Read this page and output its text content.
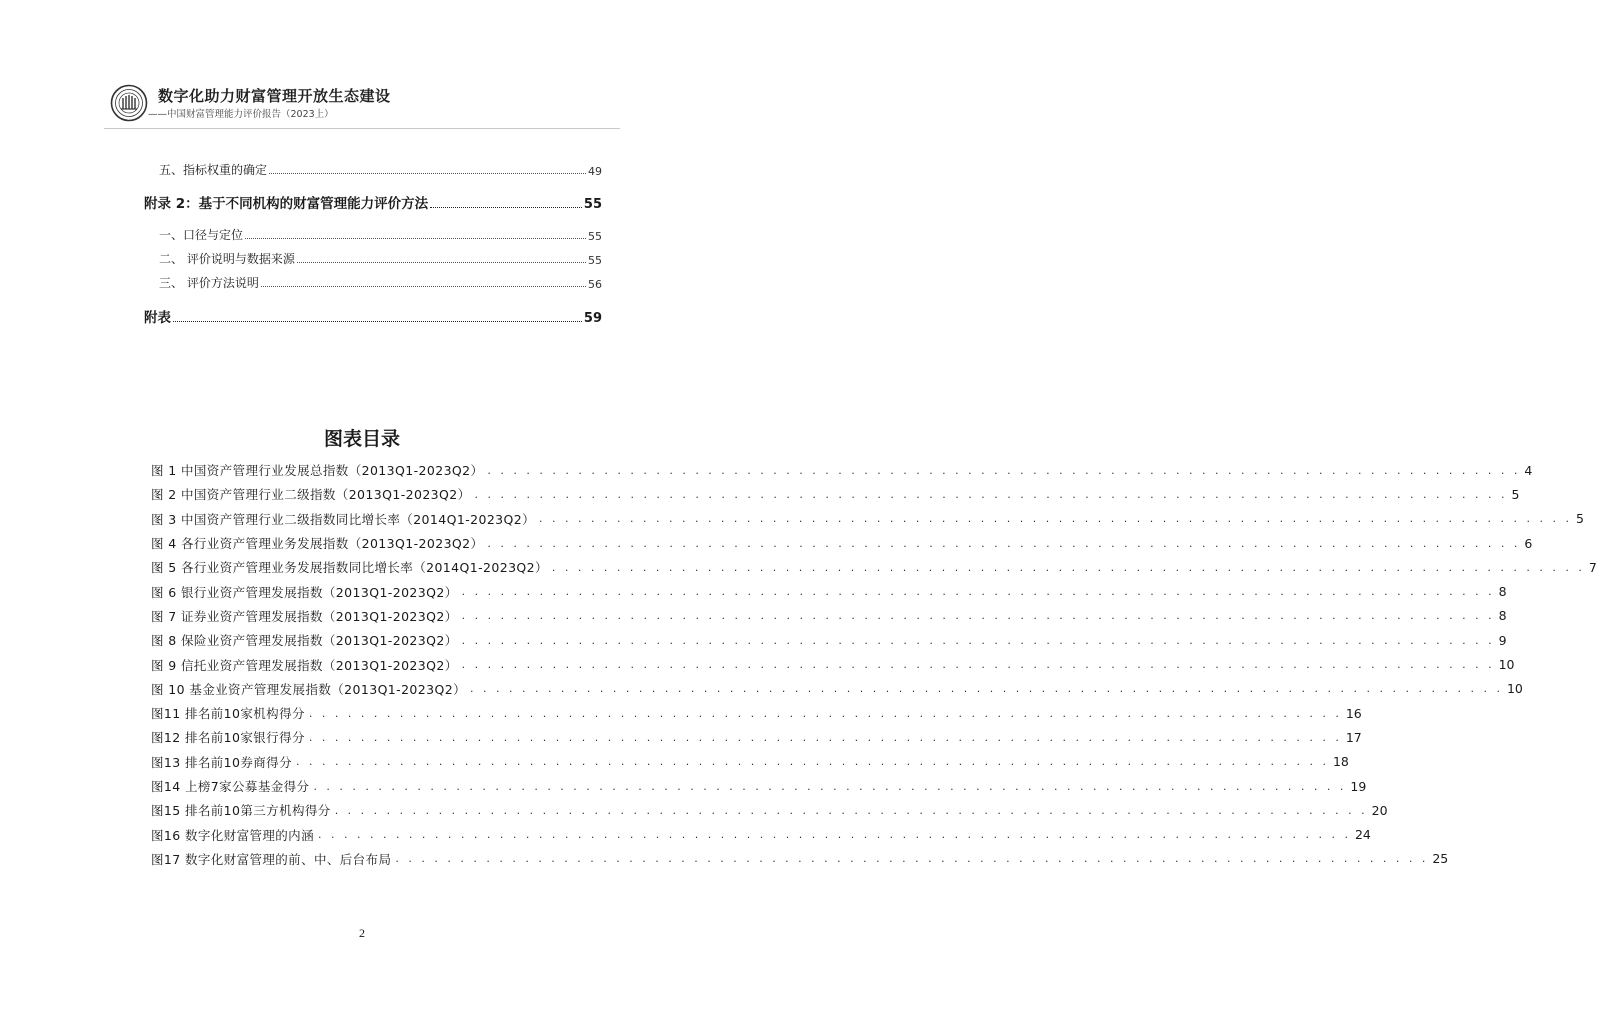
数字化助力财富管理开放生态建设
——中国财富管理能力评价报告（2023上）
五、指标权重的确定	49
附录 2：基于不同机构的财富管理能力评价方法	55
一、口径与定位	55
二、 评价说明与数据来源	55
三、 评价方法说明	56
附表	59
图表目录
图 1 中国资产管理行业发展总指数（2013Q1-2023Q2） . . . . . . . . . . . . . . . . . . . . . . . . . . . . . . . . . . . . . . . . . . . . . . . . . . . . . . . . . . . . . . . . . . . . . . . . . . . . . . . . 4
图 2 中国资产管理行业二级指数（2013Q1-2023Q2） . . . . . . . . . . . . . . . . . . . . . . . . . . . . . . . . . . . . . . . . . . . . . . . . . . . . . . . . . . . . . . . . . . . . . . . . . . . . . . . . 5
图 3 中国资产管理行业二级指数同比增长率（2014Q1-2023Q2） . . . . . . . . . . . . . . . . . . . . . . . . . . . . . . . . . . . . . . . . . . . . . . . . . . . . . . . . . . . . . . . . . . . . . . . . . . . . . . . . 5
图 4 各行业资产管理业务发展指数（2013Q1-2023Q2） . . . . . . . . . . . . . . . . . . . . . . . . . . . . . . . . . . . . . . . . . . . . . . . . . . . . . . . . . . . . . . . . . . . . . . . . . . . . . . . . 6
图 5 各行业资产管理业务发展指数同比增长率（2014Q1-2023Q2） . . . . . . . . . . . . . . . . . . . . . . . . . . . . . . . . . . . . . . . . . . . . . . . . . . . . . . . . . . . . . . . . . . . . . . . . . . . . . . . . 7
图 6 银行业资产管理发展指数（2013Q1-2023Q2） . . . . . . . . . . . . . . . . . . . . . . . . . . . . . . . . . . . . . . . . . . . . . . . . . . . . . . . . . . . . . . . . . . . . . . . . . . . . . . . . 8
图 7 证券业资产管理发展指数（2013Q1-2023Q2） . . . . . . . . . . . . . . . . . . . . . . . . . . . . . . . . . . . . . . . . . . . . . . . . . . . . . . . . . . . . . . . . . . . . . . . . . . . . . . . . 8
图 8 保险业资产管理发展指数（2013Q1-2023Q2） . . . . . . . . . . . . . . . . . . . . . . . . . . . . . . . . . . . . . . . . . . . . . . . . . . . . . . . . . . . . . . . . . . . . . . . . . . . . . . . . 9
图 9 信托业资产管理发展指数（2013Q1-2023Q2） . . . . . . . . . . . . . . . . . . . . . . . . . . . . . . . . . . . . . . . . . . . . . . . . . . . . . . . . . . . . . . . . . . . . . . . . . . . . . . . . 10
图 10 基金业资产管理发展指数（2013Q1-2023Q2） . . . . . . . . . . . . . . . . . . . . . . . . . . . . . . . . . . . . . . . . . . . . . . . . . . . . . . . . . . . . . . . . . . . . . . . . . . . . . . . . 10
图11 排名前10家机构得分 . . . . . . . . . . . . . . . . . . . . . . . . . . . . . . . . . . . . . . . . . . . . . . . . . . . . . . . . . . . . . . . . . . . . . . . . . . . . . . . . 16
图12 排名前10家银行得分 . . . . . . . . . . . . . . . . . . . . . . . . . . . . . . . . . . . . . . . . . . . . . . . . . . . . . . . . . . . . . . . . . . . . . . . . . . . . . . . . 17
图13 排名前10券商得分 . . . . . . . . . . . . . . . . . . . . . . . . . . . . . . . . . . . . . . . . . . . . . . . . . . . . . . . . . . . . . . . . . . . . . . . . . . . . . . . . 18
图14 上榜7家公募基金得分 . . . . . . . . . . . . . . . . . . . . . . . . . . . . . . . . . . . . . . . . . . . . . . . . . . . . . . . . . . . . . . . . . . . . . . . . . . . . . . . . 19
图15 排名前10第三方机构得分 . . . . . . . . . . . . . . . . . . . . . . . . . . . . . . . . . . . . . . . . . . . . . . . . . . . . . . . . . . . . . . . . . . . . . . . . . . . . . . . . 20
图16 数字化财富管理的内涵 . . . . . . . . . . . . . . . . . . . . . . . . . . . . . . . . . . . . . . . . . . . . . . . . . . . . . . . . . . . . . . . . . . . . . . . . . . . . . . . . 24
图17 数字化财富管理的前、中、后台布局 . . . . . . . . . . . . . . . . . . . . . . . . . . . . . . . . . . . . . . . . . . . . . . . . . . . . . . . . . . . . . . . . . . . . . . . . . . . . . . . . 25
2
